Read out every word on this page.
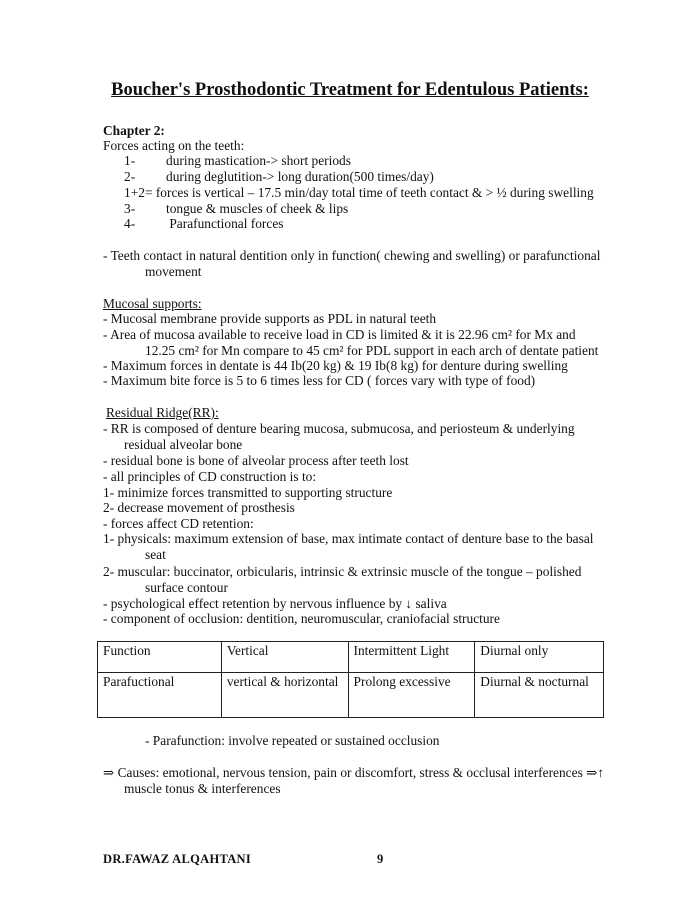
Boucher's Prosthodontic Treatment for Edentulous Patients:
Chapter 2:
Forces acting on the teeth:
1- during mastication-> short periods
2- during deglutition-> long duration(500 times/day)
1+2= forces is vertical – 17.5 min/day total time of teeth contact & > ½ during swelling
3- tongue & muscles of cheek & lips
4- Parafunctional forces
- Teeth contact in natural dentition only in function( chewing and swelling) or parafunctional
movement
Mucosal supports:
- Mucosal membrane provide supports as PDL in natural teeth
- Area of mucosa available to receive load in CD is limited & it is 22.96 cm² for Mx and
12.25 cm² for Mn compare to 45 cm² for PDL support in each arch of dentate patient
- Maximum forces in dentate is 44 Ib(20 kg) & 19 Ib(8 kg) for denture during swelling
- Maximum bite force is 5 to 6 times less for CD ( forces vary with type of food)
Residual Ridge(RR):
- RR is composed of denture bearing mucosa, submucosa, and periosteum & underlying
residual alveolar bone
- residual bone is bone of alveolar process after teeth lost
- all principles of CD construction is to:
1- minimize forces transmitted to supporting structure
2- decrease movement of prosthesis
- forces affect CD retention:
1- physicals: maximum extension of base, max intimate contact of denture base to the basal
seat
2- muscular: buccinator, orbicularis, intrinsic & extrinsic muscle of the tongue – polished
surface contour
- psychological effect retention by nervous influence by ↓ saliva
- component of occlusion: dentition, neuromuscular, craniofacial structure
Function	Vertical	Intermittent Light	Diurnal only
Parafuctional	vertical & horizontal	Prolong excessive	Diurnal & nocturnal
- Parafunction: involve repeated or sustained occlusion
⇒ Causes: emotional, nervous tension, pain or discomfort, stress & occlusal interferences ⇒↑
muscle tonus & interferences
DR.FAWAZ ALQAHTANI	9
